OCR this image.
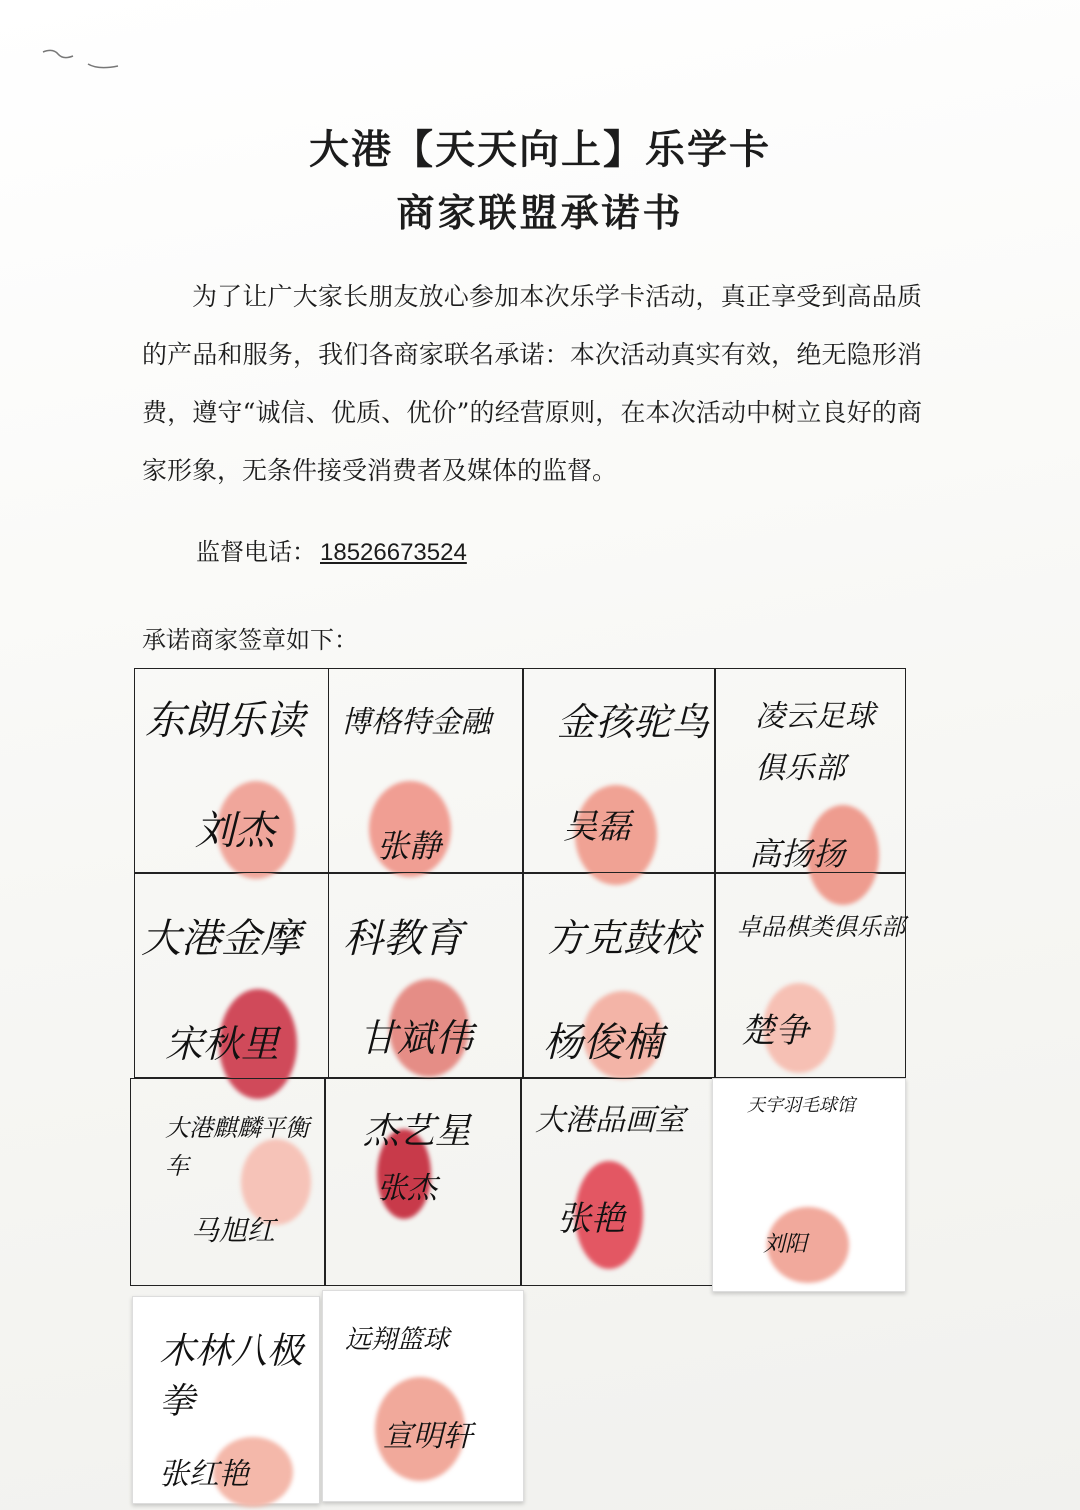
大港【天天向上】乐学卡
商家联盟承诺书
为了让广大家长朋友放心参加本次乐学卡活动，真正享受到高品质的产品和服务，我们各商家联名承诺：本次活动真实有效，绝无隐形消费，遵守“诚信、优质、优价”的经营原则，在本次活动中树立良好的商家形象，无条件接受消费者及媒体的监督。
监督电话： 18526673524
承诺商家签章如下：
东朗乐读
刘杰
博格特金融
张静
金孩驼鸟
吴磊
凌云足球俱乐部
高扬扬
大港金摩
宋秋里
科教育
甘斌伟
方克鼓校
杨俊楠
卓品棋类俱乐部
楚争
大港麒麟平衡车
马旭红
杰艺星
张杰
大港品画室
张艳
天宇羽毛球馆
刘阳
木林八极拳
张红艳
远翔篮球
宣明轩
